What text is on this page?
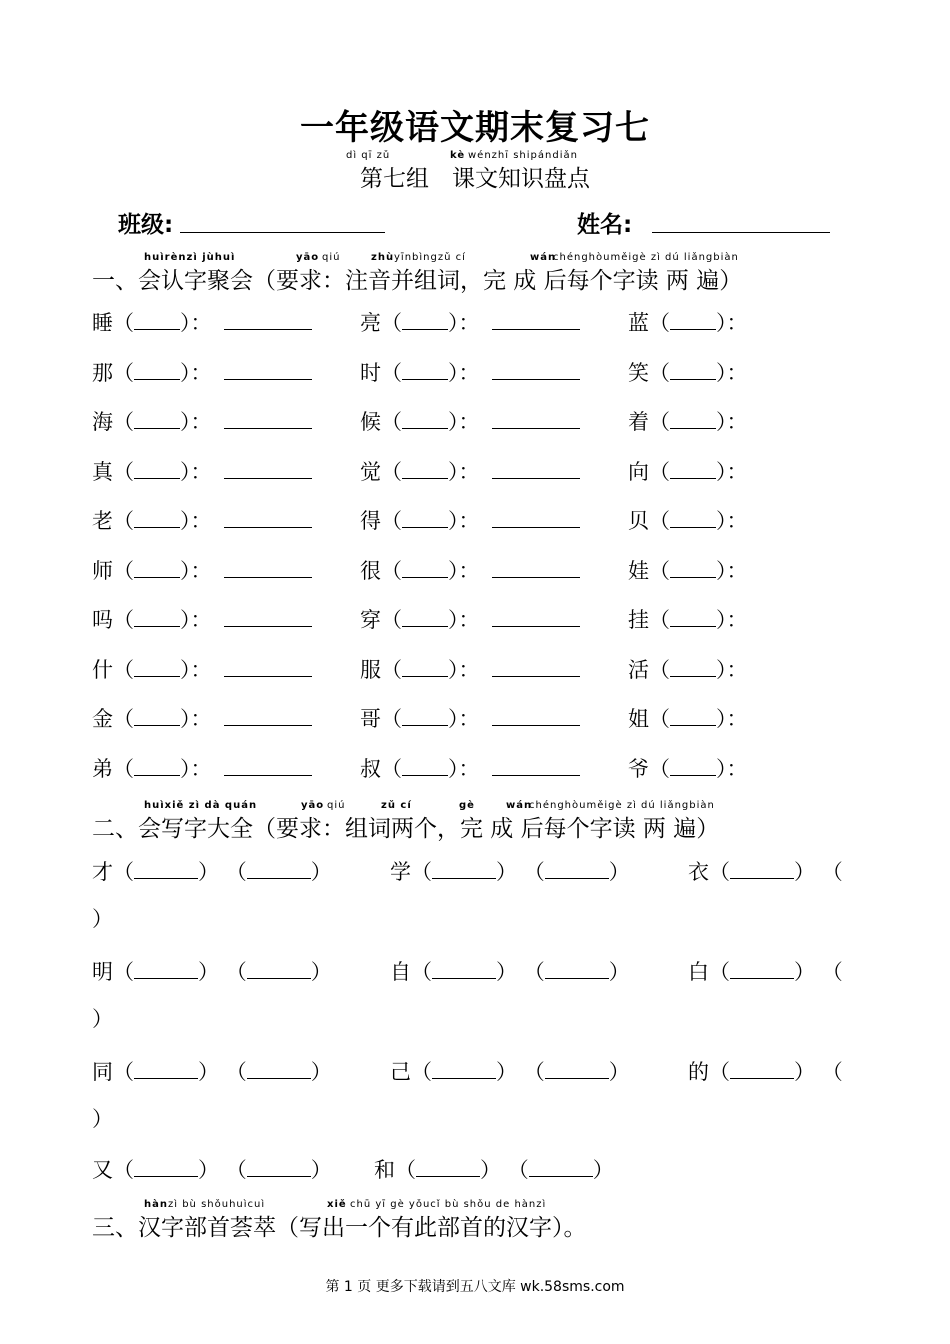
一年级语文期末复习七
dì qī zǔ	kè wénzhī shipándiǎn
第七组　课文知识盘点
班级:	姓名:
huìrènzì jùhuì	yāo qiú	zhù yīnbìngzǔ cí	wán
chénghòuměigè zì dú liǎngbiàn
一、会认字聚会（要求：注音并组词，完 成 后每个字读 两 遍）
睡（ ）：	亮（ ）：	蓝（ ）：
那（ ）：	时（ ）：	笑（ ）：
海（ ）：	候（ ）：	着（ ）：
真（ ）：	觉（ ）：	向（ ）：
老（ ）：	得（ ）：	贝（ ）：
师（ ）：	很（ ）：	娃（ ）：
吗（ ）：	穿（ ）：	挂（ ）：
什（ ）：	服（ ）：	活（ ）：
金（ ）：	哥（ ）：	姐（ ）：
弟（ ）：	叔（ ）：	爷（ ）：
huìxiě zì dà quán	yāo qiú	zǔ cí	gè	wán
chénghòuměigè zì dú liǎngbiàn
二、会写字大全（要求：组词两个，完 成 后每个字读 两 遍）
才（	） （	）	学（	） （	）	衣（	） （
）
明（	） （	）	自（	） （	）	白（	） （
）
同（	） （	）	己（	） （	）	的（	） （
）
又（	） （	） 和（	） （	）
hàn zì bù shǒuhuìcuì	xiě chū yī gè yǒucǐ bù shǒu de hànzì
三、汉字部首荟萃（写出一个有此部首的汉字）。
第 1 页 更多下载请到五八文库 wk.58sms.com
